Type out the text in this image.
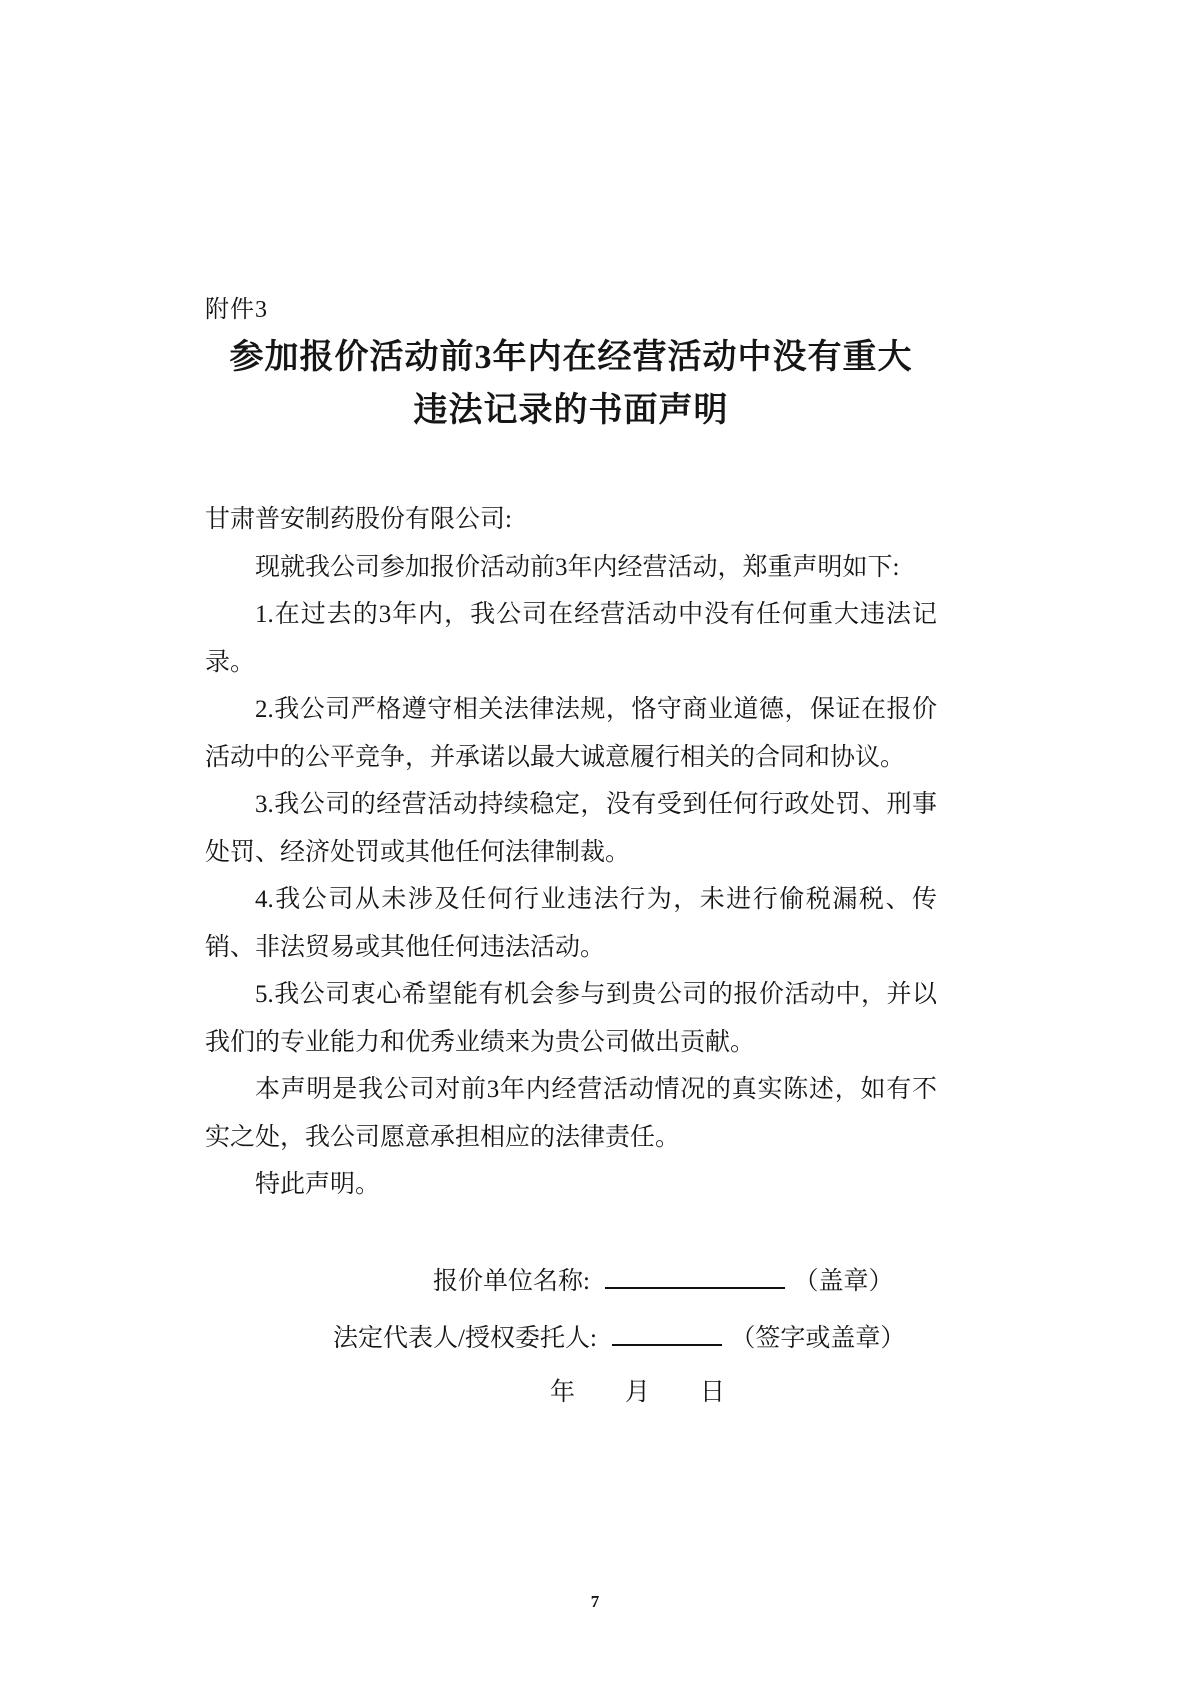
附件3
参加报价活动前3年内在经营活动中没有重大
违法记录的书面声明

甘肃普安制药股份有限公司:

现就我公司参加报价活动前3年内经营活动，郑重声明如下:

1.在过去的3年内，我公司在经营活动中没有任何重大违法记录。

2.我公司严格遵守相关法律法规，恪守商业道德，保证在报价活动中的公平竞争，并承诺以最大诚意履行相关的合同和协议。

3.我公司的经营活动持续稳定，没有受到任何行政处罚、刑事处罚、经济处罚或其他任何法律制裁。

4.我公司从未涉及任何行业违法行为，未进行偷税漏税、传销、非法贸易或其他任何违法活动。

5.我公司衷心希望能有机会参与到贵公司的报价活动中，并以我们的专业能力和优秀业绩来为贵公司做出贡献。

本声明是我公司对前3年内经营活动情况的真实陈述，如有不实之处，我公司愿意承担相应的法律责任。

特此声明。

报价单位名称:	（盖章）
法定代表人/授权委托人:	（签字或盖章）
年　　月　　日
7
